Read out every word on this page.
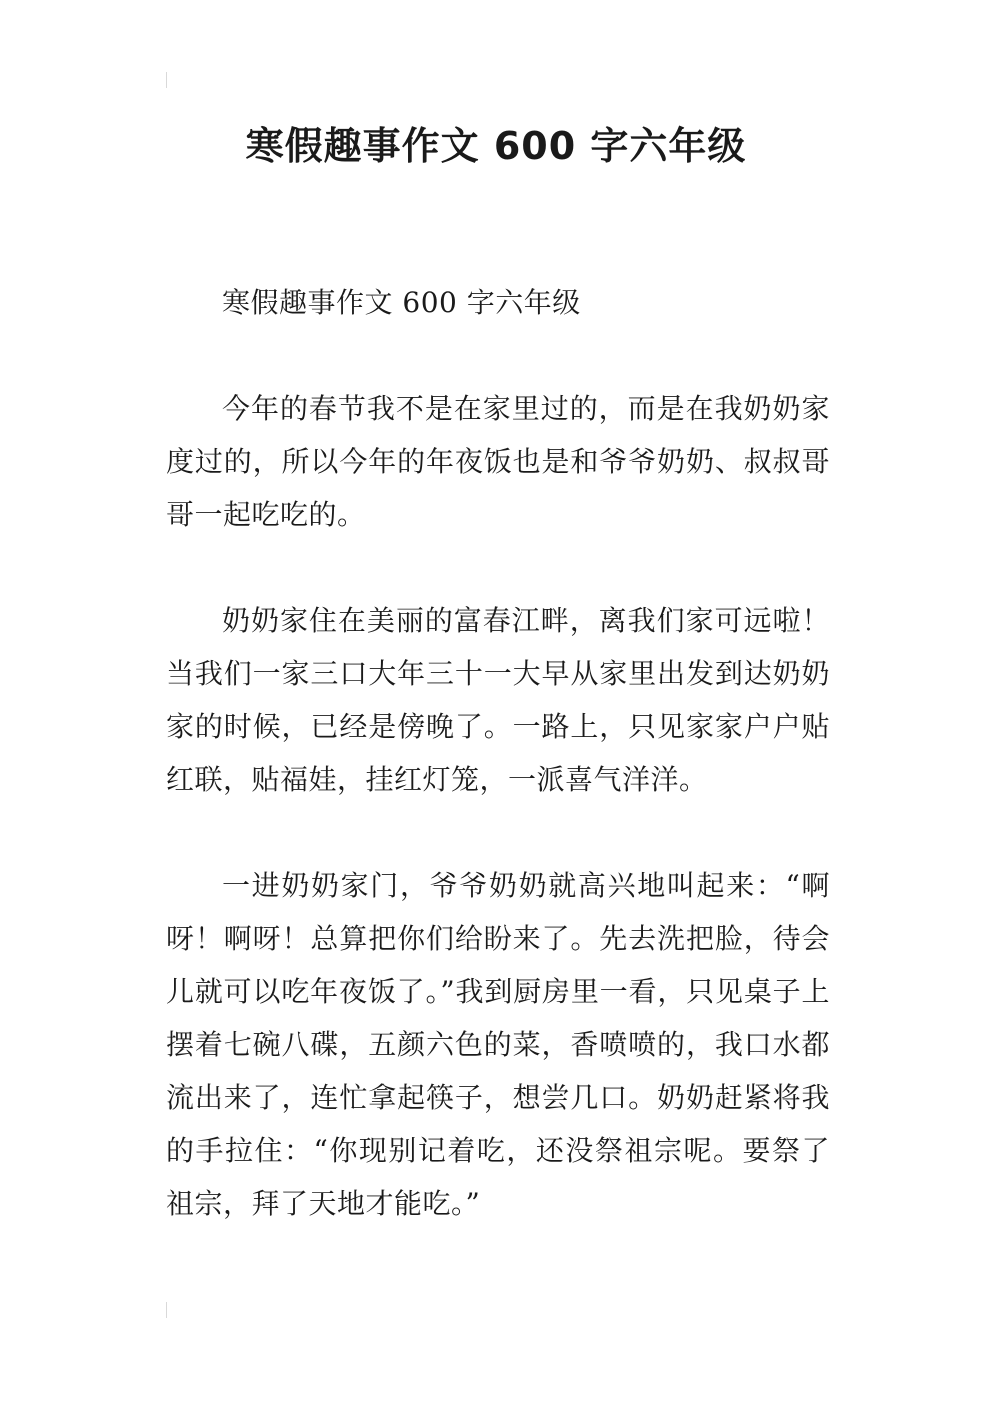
寒假趣事作文 600 字六年级

寒假趣事作文 600 字六年级

今年的春节我不是在家里过的，而是在我奶奶家度过的，所以今年的年夜饭也是和爷爷奶奶、叔叔哥哥一起吃吃的。

奶奶家住在美丽的富春江畔，离我们家可远啦！当我们一家三口大年三十一大早从家里出发到达奶奶家的时候，已经是傍晚了。一路上，只见家家户户贴红联，贴福娃，挂红灯笼，一派喜气洋洋。

一进奶奶家门，爷爷奶奶就高兴地叫起来：“啊呀！啊呀！总算把你们给盼来了。先去洗把脸，待会儿就可以吃年夜饭了。”我到厨房里一看，只见桌子上摆着七碗八碟，五颜六色的菜，香喷喷的，我口水都流出来了，连忙拿起筷子，想尝几口。奶奶赶紧将我的手拉住：“你现别记着吃，还没祭祖宗呢。要祭了祖宗，拜了天地才能吃。”
